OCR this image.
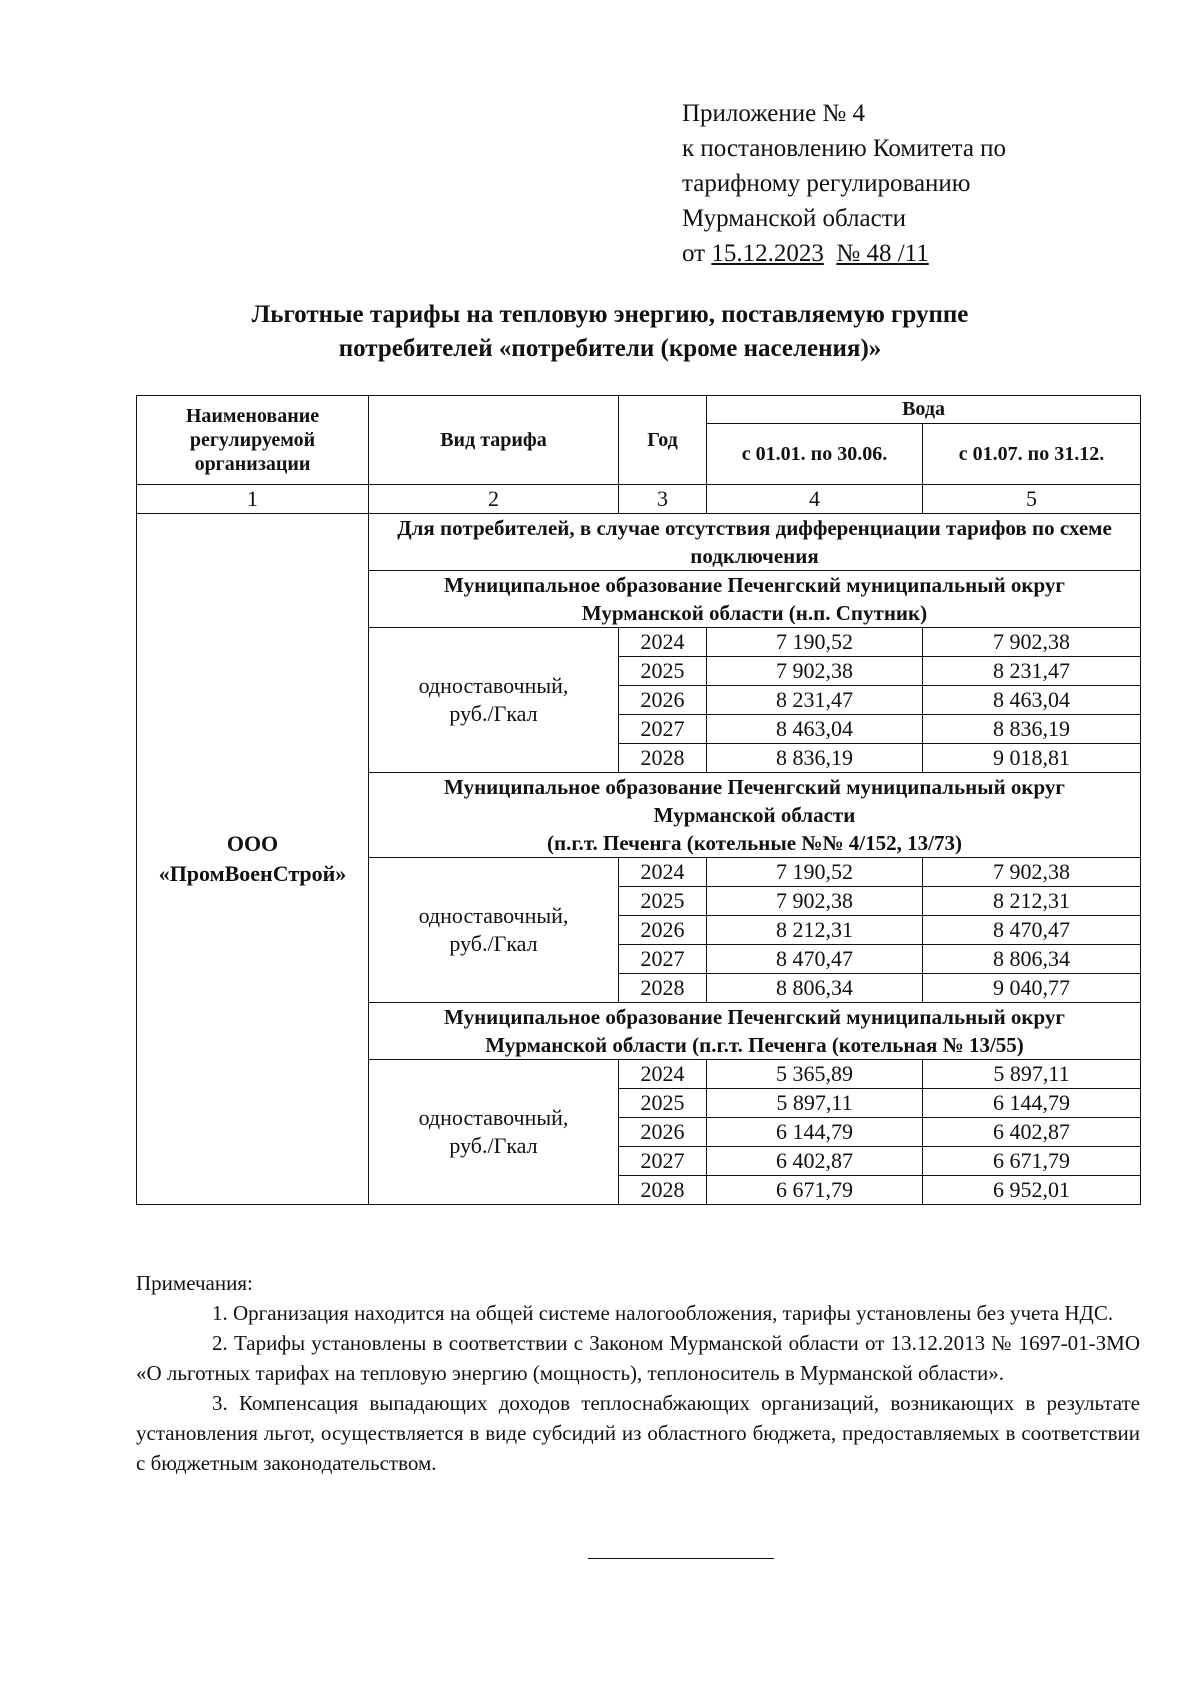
Приложение № 4
к постановлению Комитета по
тарифному регулированию
Мурманской области
от 15.12.2023 № 48 /11
Льготные тарифы на тепловую энергию, поставляемую группе
потребителей «потребители (кроме населения)»
Наименование регулируемой организации	Вид тарифа	Год	Вода	
			с 01.01. по 30.06.	с 01.07. по 31.12.
1	2	3	4	5

ООО
«ПромВоенСтрой»	Для потребителей, в случае отсутствия дифференциации тарифов по схеме подключения			

	Муниципальное образование Печенгский муниципальный округ
Мурманской области (н.п. Спутник)			

	одноставочный,
руб./Гкал	2024	7 190,52	7 902,38
		2025	7 902,38	8 231,47
		2026	8 231,47	8 463,04
		2027	8 463,04	8 836,19
		2028	8 836,19	9 018,81

	Муниципальное образование Печенгский муниципальный округ
Мурманской области
(п.г.т. Печенга (котельные №№ 4/152, 13/73)			

	одноставочный,
руб./Гкал	2024	7 190,52	7 902,38
		2025	7 902,38	8 212,31
		2026	8 212,31	8 470,47
		2027	8 470,47	8 806,34
		2028	8 806,34	9 040,77

	Муниципальное образование Печенгский муниципальный округ
Мурманской области (п.г.т. Печенга (котельная № 13/55)			

	одноставочный,
руб./Гкал	2024	5 365,89	5 897,11
		2025	5 897,11	6 144,79
		2026	6 144,79	6 402,87
		2027	6 402,87	6 671,79
		2028	6 671,79	6 952,01

Примечания:

1. Организация находится на общей системе налогообложения, тарифы установлены без учета НДС.

2. Тарифы установлены в соответствии с Законом Мурманской области от 13.12.2013 № 1697-01-ЗМО «О льготных тарифах на тепловую энергию (мощность), теплоноситель в Мурманской области».

3. Компенсация выпадающих доходов теплоснабжающих организаций, возникающих в результате установления льгот, осуществляется в виде субсидий из областного бюджета, предоставляемых в соответствии с бюджетным законодательством.
